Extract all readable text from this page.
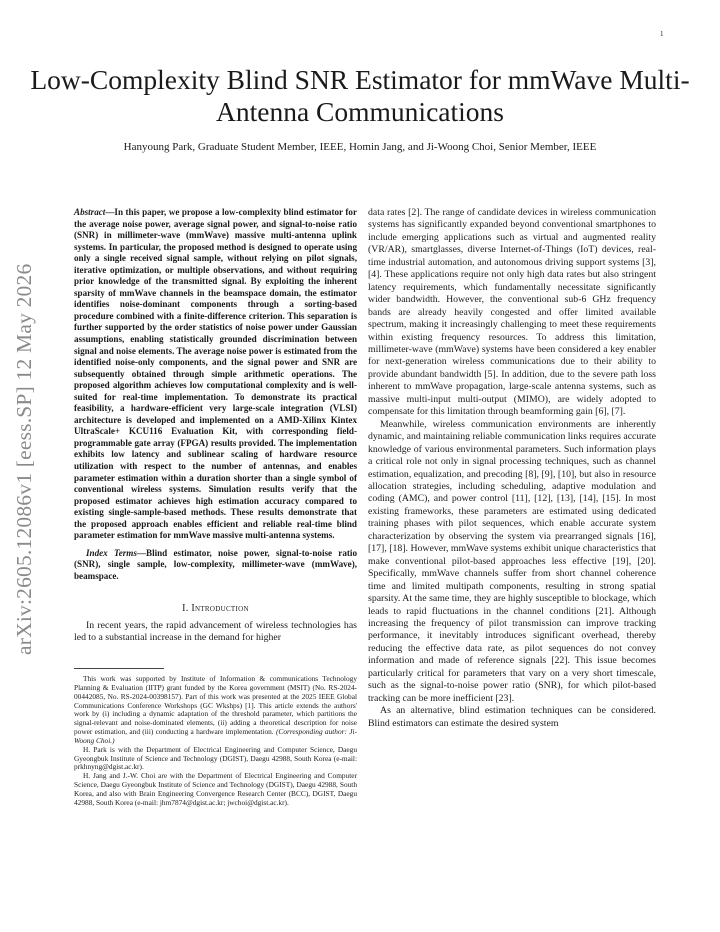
1
arXiv:2605.12086v1 [eess.SP] 12 May 2026
Low-Complexity Blind SNR Estimator for mmWave Multi-Antenna Communications
Hanyoung Park, Graduate Student Member, IEEE, Homin Jang, and Ji-Woong Choi, Senior Member, IEEE

Abstract—In this paper, we propose a low-complexity blind estimator for the average noise power, average signal power, and signal-to-noise ratio (SNR) in millimeter-wave (mmWave) massive multi-antenna uplink systems. In particular, the proposed method is designed to operate using only a single received signal sample, without relying on pilot signals, iterative optimization, or multiple observations, and without requiring prior knowledge of the transmitted signal. By exploiting the inherent sparsity of mmWave channels in the beamspace domain, the estimator identifies noise-dominant components through a sorting-based procedure combined with a finite-difference criterion. This separation is further supported by the order statistics of noise power under Gaussian assumptions, enabling statistically grounded discrimination between signal and noise elements. The average noise power is estimated from the identified noise-only components, and the signal power and SNR are subsequently obtained through simple arithmetic operations. The proposed algorithm achieves low computational complexity and is well-suited for real-time implementation. To demonstrate its practical feasibility, a hardware-efficient very large-scale integration (VLSI) architecture is developed and implemented on a AMD-Xilinx Kintex UltraScale+ KCU116 Evaluation Kit, with corresponding field-programmable gate array (FPGA) results provided. The implementation exhibits low latency and sublinear scaling of hardware resource utilization with respect to the number of antennas, and enables parameter estimation within a duration shorter than a single symbol of conventional wireless systems. Simulation results verify that the proposed estimator achieves high estimation accuracy compared to existing single-sample-based methods. These results demonstrate that the proposed approach enables efficient and reliable real-time blind parameter estimation for mmWave massive multi-antenna systems.

Index Terms—Blind estimator, noise power, signal-to-noise ratio (SNR), single sample, low-complexity, millimeter-wave (mmWave), beamspace.

I. Introduction

In recent years, the rapid advancement of wireless technologies has led to a substantial increase in the demand for higher

This work was supported by Institute of Information & communications Technology Planning & Evaluation (IITP) grant funded by the Korea government (MSIT) (No. RS-2024-00442085, No. RS-2024-00398157). Part of this work was presented at the 2025 IEEE Global Communications Conference Workshops (GC Wkshps) [1]. This article extends the authors' work by (i) including a dynamic adaptation of the threshold parameter, which partitions the signal-relevant and noise-dominated elements, (ii) adding a theoretical description for noise power estimation, and (iii) conducting a hardware implementation. (Corresponding author: Ji-Woong Choi.)

H. Park is with the Department of Electrical Engineering and Computer Science, Daegu Gyeongbuk Institute of Science and Technology (DGIST), Daegu 42988, South Korea (e-mail: prkhnyng@dgist.ac.kr).

H. Jang and J.-W. Choi are with the Department of Electrical Engineering and Computer Science, Daegu Gyeongbuk Institute of Science and Technology (DGIST), Daegu 42988, South Korea, and also with Brain Engineering Convergence Research Center (BCC), DGIST, Daegu 42988, South Korea (e-mail: jhm7874@dgist.ac.kr; jwchoi@dgist.ac.kr).

data rates [2]. The range of candidate devices in wireless communication systems has significantly expanded beyond conventional smartphones to include emerging applications such as virtual and augmented reality (VR/AR), smartglasses, diverse Internet-of-Things (IoT) devices, real-time industrial automation, and autonomous driving support systems [3], [4]. These applications require not only high data rates but also stringent latency requirements, which fundamentally necessitate significantly wider bandwidth. However, the conventional sub-6 GHz frequency bands are already heavily congested and offer limited available spectrum, making it increasingly challenging to meet these requirements within existing frequency resources. To address this limitation, millimeter-wave (mmWave) systems have been considered a key enabler for next-generation wireless communications due to their ability to provide abundant bandwidth [5]. In addition, due to the severe path loss inherent to mmWave propagation, large-scale antenna systems, such as massive multi-input multi-output (MIMO), are widely adopted to compensate for this limitation through beamforming gain [6], [7].

Meanwhile, wireless communication environments are inherently dynamic, and maintaining reliable communication links requires accurate knowledge of various environmental parameters. Such information plays a critical role not only in signal processing techniques, such as channel estimation, equalization, and precoding [8], [9], [10], but also in resource allocation strategies, including scheduling, adaptive modulation and coding (AMC), and power control [11], [12], [13], [14], [15]. In most existing frameworks, these parameters are estimated using dedicated training phases with pilot sequences, which enable accurate system characterization by observing the system via prearranged signals [16], [17], [18]. However, mmWave systems exhibit unique characteristics that make conventional pilot-based approaches less effective [19], [20]. Specifically, mmWave channels suffer from short channel coherence time and limited multipath components, resulting in strong spatial sparsity. At the same time, they are highly susceptible to blockage, which leads to rapid fluctuations in the channel conditions [21]. Although increasing the frequency of pilot transmission can improve tracking performance, it inevitably introduces significant overhead, thereby reducing the effective data rate, as pilot sequences do not convey information and made of reference signals [22]. This issue becomes particularly critical for parameters that vary on a very short timescale, such as the signal-to-noise power ratio (SNR), for which pilot-based tracking can be more inefficient [23].

As an alternative, blind estimation techniques can be considered. Blind estimators can estimate the desired system
